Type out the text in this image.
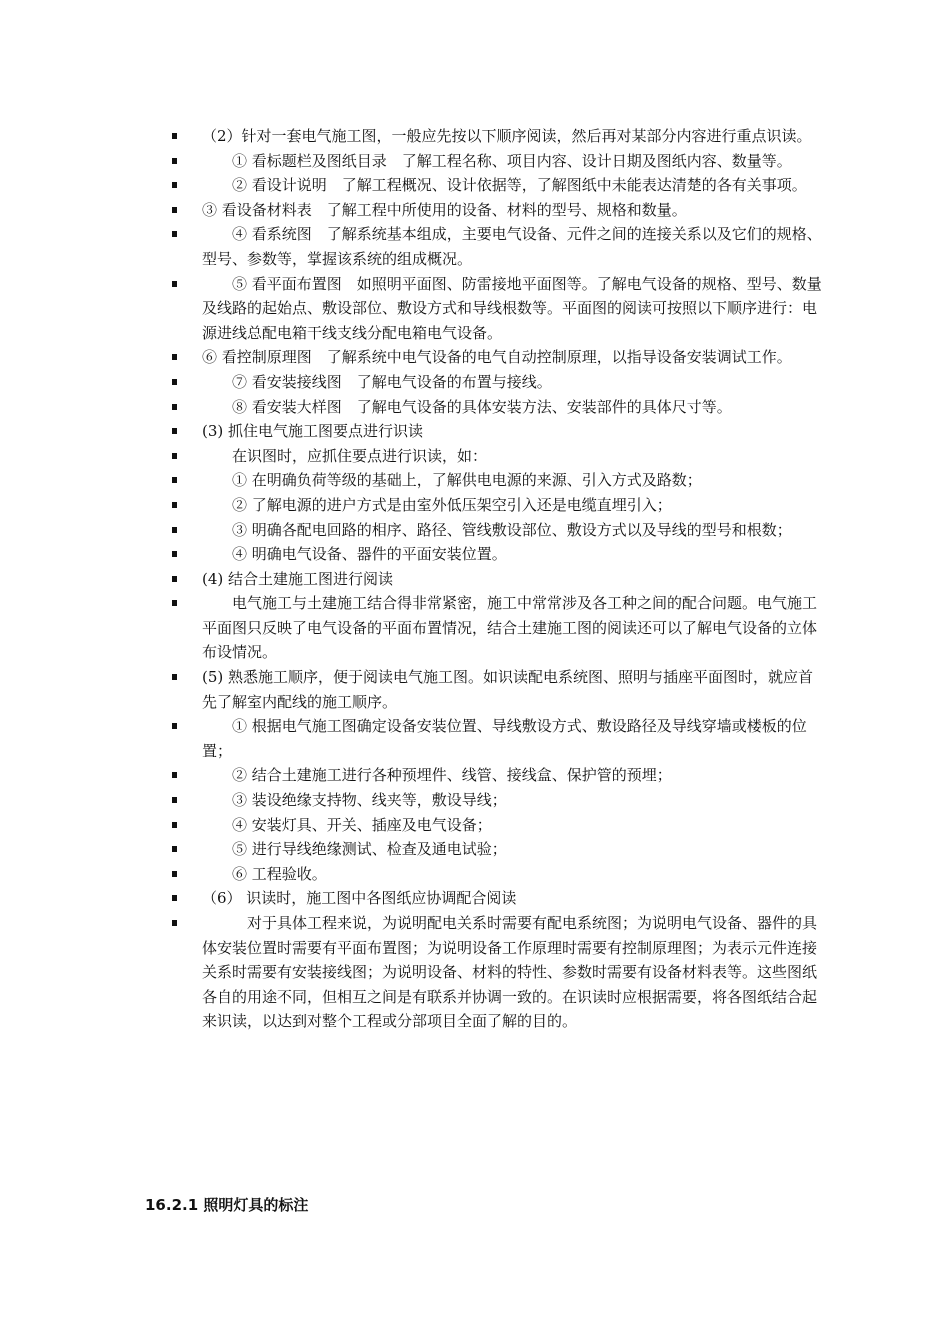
（2）针对一套电气施工图，一般应先按以下顺序阅读，然后再对某部分内容进行重点识读。
　　① 看标题栏及图纸目录　了解工程名称、项目内容、设计日期及图纸内容、数量等。
　　② 看设计说明　了解工程概况、设计依据等，了解图纸中未能表达清楚的各有关事项。
③ 看设备材料表　了解工程中所使用的设备、材料的型号、规格和数量。
　　④ 看系统图　了解系统基本组成，主要电气设备、元件之间的连接关系以及它们的规格、型号、参数等，掌握该系统的组成概况。
　　⑤ 看平面布置图　如照明平面图、防雷接地平面图等。了解电气设备的规格、型号、数量及线路的起始点、敷设部位、敷设方式和导线根数等。平面图的阅读可按照以下顺序进行：电源进线总配电箱干线支线分配电箱电气设备。
⑥ 看控制原理图　了解系统中电气设备的电气自动控制原理，以指导设备安装调试工作。
　　⑦ 看安装接线图　了解电气设备的布置与接线。
　　⑧ 看安装大样图　了解电气设备的具体安装方法、安装部件的具体尺寸等。
(3) 抓住电气施工图要点进行识读
　　在识图时，应抓住要点进行识读，如：
　　① 在明确负荷等级的基础上，了解供电电源的来源、引入方式及路数；
　　② 了解电源的进户方式是由室外低压架空引入还是电缆直埋引入；
　　③ 明确各配电回路的相序、路径、管线敷设部位、敷设方式以及导线的型号和根数；
　　④ 明确电气设备、器件的平面安装位置。
(4) 结合土建施工图进行阅读
　　电气施工与土建施工结合得非常紧密，施工中常常涉及各工种之间的配合问题。电气施工平面图只反映了电气设备的平面布置情况，结合土建施工图的阅读还可以了解电气设备的立体布设情况。
(5) 熟悉施工顺序，便于阅读电气施工图。如识读配电系统图、照明与插座平面图时，就应首先了解室内配线的施工顺序。
　　① 根据电气施工图确定设备安装位置、导线敷设方式、敷设路径及导线穿墙或楼板的位置；
　　② 结合土建施工进行各种预埋件、线管、接线盒、保护管的预埋；
　　③ 装设绝缘支持物、线夹等，敷设导线；
　　④ 安装灯具、开关、插座及电气设备；
　　⑤ 进行导线绝缘测试、检查及通电试验；
　　⑥ 工程验收。
（6） 识读时，施工图中各图纸应协调配合阅读
　　　对于具体工程来说，为说明配电关系时需要有配电系统图；为说明电气设备、器件的具体安装位置时需要有平面布置图；为说明设备工作原理时需要有控制原理图；为表示元件连接关系时需要有安装接线图；为说明设备、材料的特性、参数时需要有设备材料表等。这些图纸各自的用途不同，但相互之间是有联系并协调一致的。在识读时应根据需要，将各图纸结合起来识读，以达到对整个工程或分部项目全面了解的目的。
16.2.1 照明灯具的标注
